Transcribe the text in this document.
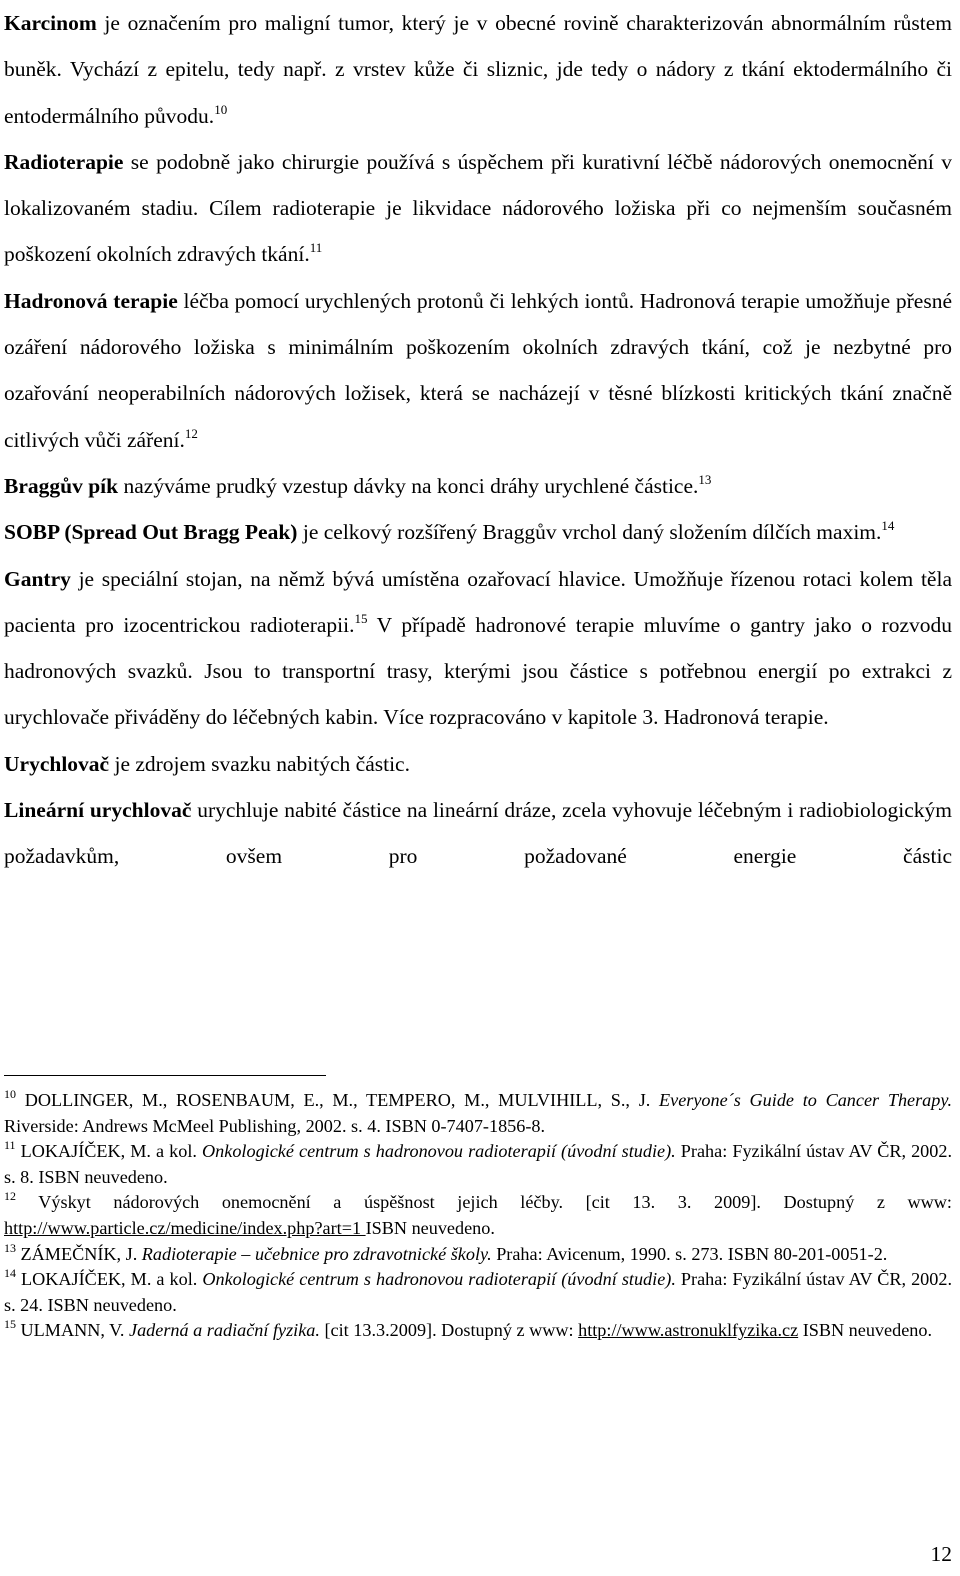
Karcinom je označením pro maligní tumor, který je v obecné rovině charakterizován abnormálním růstem buněk. Vychází z epitelu, tedy např. z vrstev kůže či sliznic, jde tedy o nádory z tkání ektodermálního či entodermálního původu.$^{10}$

Radioterapie se podobně jako chirurgie používá s úspěchem při kurativní léčbě nádorových onemocnění v lokalizovaném stadiu. Cílem radioterapie je likvidace nádorového ložiska při co nejmenším současném poškození okolních zdravých tkání.$^{11}$

Hadronová terapie léčba pomocí urychlených protonů či lehkých iontů. Hadronová terapie umožňuje přesné ozáření nádorového ložiska s minimálním poškozením okolních zdravých tkání, což je nezbytné pro ozařování neoperabilních nádorových ložisek, která se nacházejí v těsné blízkosti kritických tkání značně citlivých vůči záření.$^{12}$

Braggův pík nazýváme prudký vzestup dávky na konci dráhy urychlené částice.$^{13}$

SOBP (Spread Out Bragg Peak) je celkový rozšířený Braggův vrchol daný složením dílčích maxim.$^{14}$

Gantry je speciální stojan, na němž bývá umístěna ozařovací hlavice. Umožňuje řízenou rotaci kolem těla pacienta pro izocentrickou radioterapii.$^{15}$ V případě hadronové terapie mluvíme o gantry jako o rozvodu hadronových svazků. Jsou to transportní trasy, kterými jsou částice s potřebnou energií po extrakci z urychlovače přiváděny do léčebných kabin. Více rozpracováno v kapitole 3. Hadronová terapie.

Urychlovač je zdrojem svazku nabitých částic.

Lineární urychlovač urychluje nabité částice na lineární dráze, zcela vyhovuje léčebným i radiobiologickým požadavkům, ovšem pro požadované energie částic

$^{10}$ DOLLINGER, M., ROSENBAUM, E., M., TEMPERO, M., MULVIHILL, S., J. Everyone´s Guide to Cancer Therapy. Riverside: Andrews McMeel Publishing, 2002. s. 4. ISBN 0-7407-1856-8.

$^{11}$ LOKAJÍČEK, M. a kol. Onkologické centrum s hadronovou radioterapií (úvodní studie). Praha: Fyzikální ústav AV ČR, 2002. s. 8. ISBN neuvedeno.

$^{12}$ Výskyt nádorových onemocnění a úspěšnost jejich léčby. [cit 13. 3. 2009]. Dostupný z www: http://www.particle.cz/medicine/index.php?art=1 ISBN neuvedeno.

$^{13}$ ZÁMEČNÍK, J. Radioterapie – učebnice pro zdravotnické školy. Praha: Avicenum, 1990. s. 273. ISBN 80-201-0051-2.

$^{14}$ LOKAJÍČEK, M. a kol. Onkologické centrum s hadronovou radioterapií (úvodní studie). Praha: Fyzikální ústav AV ČR, 2002. s. 24. ISBN neuvedeno.

$^{15}$ ULMANN, V. Jaderná a radiační fyzika. [cit 13.3.2009]. Dostupný z www: http://www.astronuklfyzika.cz ISBN neuvedeno.

12
